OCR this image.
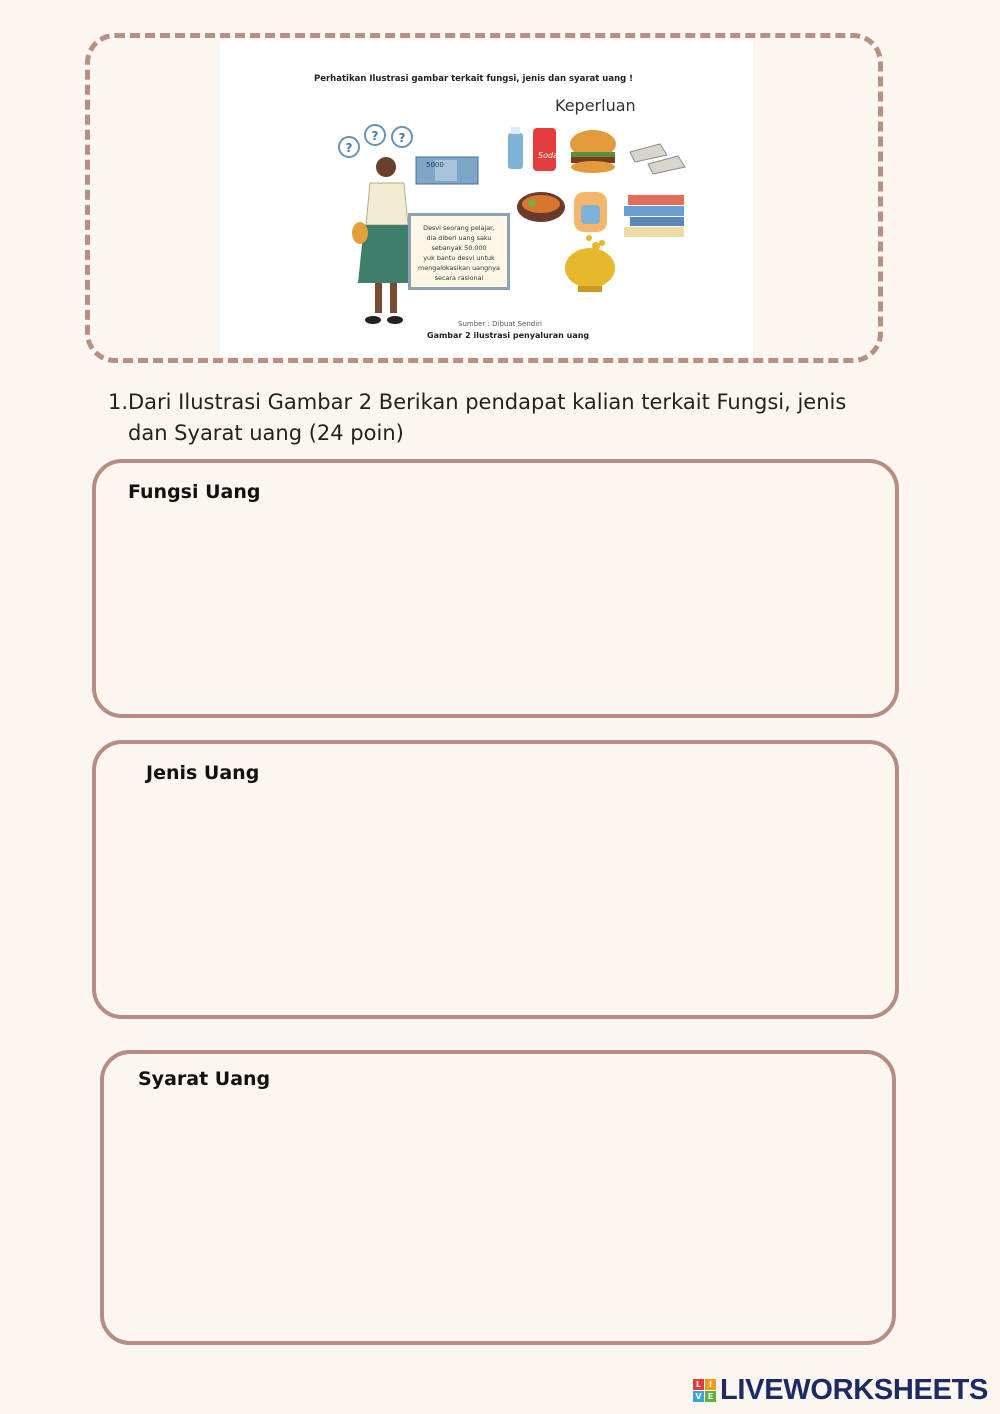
Perhatikan Ilustrasi gambar terkait fungsi, jenis dan syarat uang !
Keperluan
?
? ?
5000
Soda
Desvi seorang pelajar,
dia diberi uang saku
sebanyak 50.000
yuk bantu desvi untuk
mengalokasikan uangnya
secara rasional
Sumber : Dibuat Sendiri
Gambar 2 ilustrasi penyaluran uang
1. Dari Ilustrasi Gambar 2 Berikan pendapat kalian terkait Fungsi, jenis dan Syarat uang (24 poin)
Fungsi Uang
Jenis Uang
Syarat Uang
L I
V E LIVEWORKSHEETS
